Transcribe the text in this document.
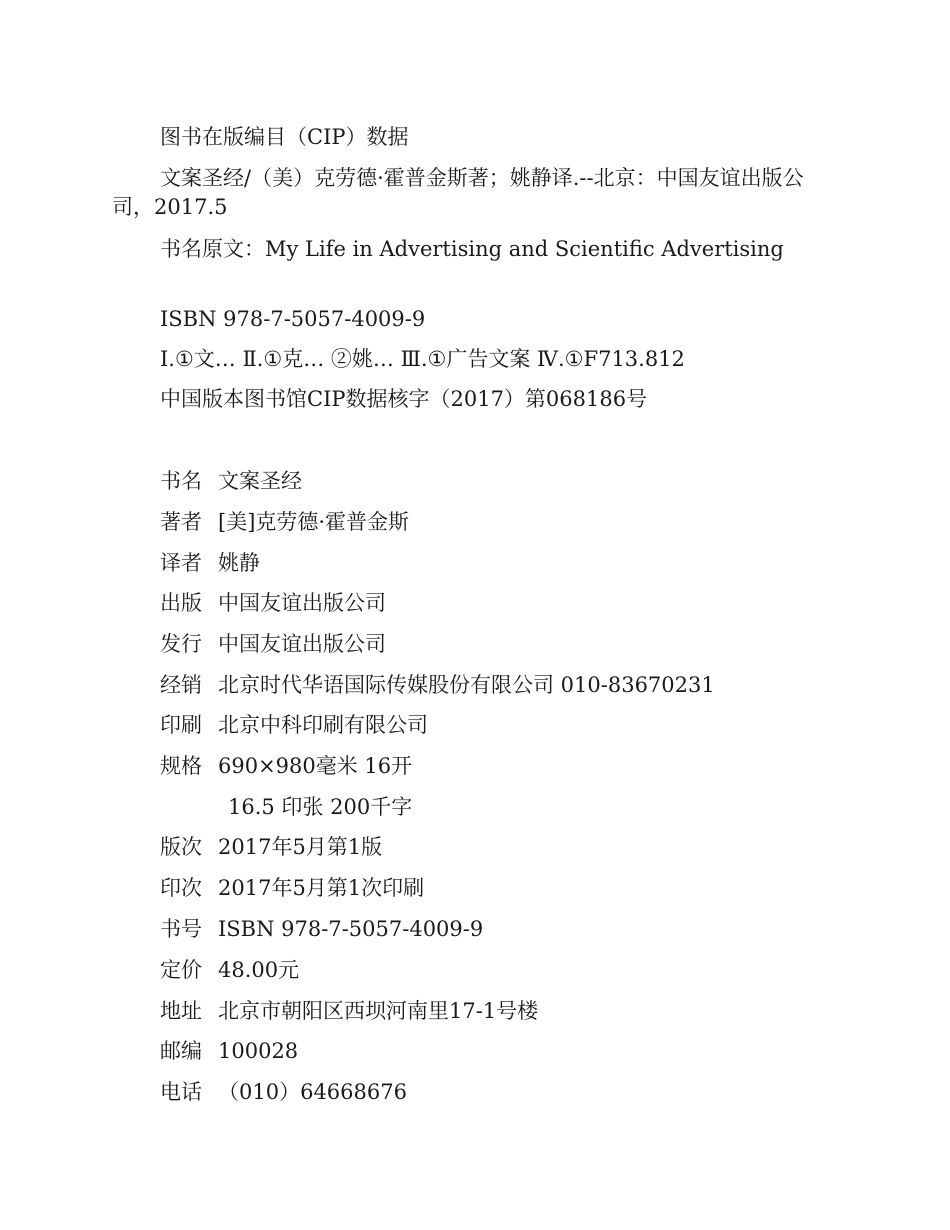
图书在版编目（CIP）数据
文案圣经/（美）克劳德·霍普金斯著；姚静译.--北京：中国友谊出版公司，2017.5
书名原文：My Life in Advertising and Scientific Advertising
ISBN 978-7-5057-4009-9
Ⅰ.①文… Ⅱ.①克… ②姚… Ⅲ.①广告文案 Ⅳ.①F713.812
中国版本图书馆CIP数据核字（2017）第068186号
书名 文案圣经
著者 [美]克劳德·霍普金斯
译者 姚静
出版 中国友谊出版公司
发行 中国友谊出版公司
经销 北京时代华语国际传媒股份有限公司 010-83670231
印刷 北京中科印刷有限公司
规格 690×980毫米 16开
16.5 印张 200千字
版次 2017年5月第1版
印次 2017年5月第1次印刷
书号 ISBN 978-7-5057-4009-9
定价 48.00元
地址 北京市朝阳区西坝河南里17-1号楼
邮编 100028
电话 （010）64668676
